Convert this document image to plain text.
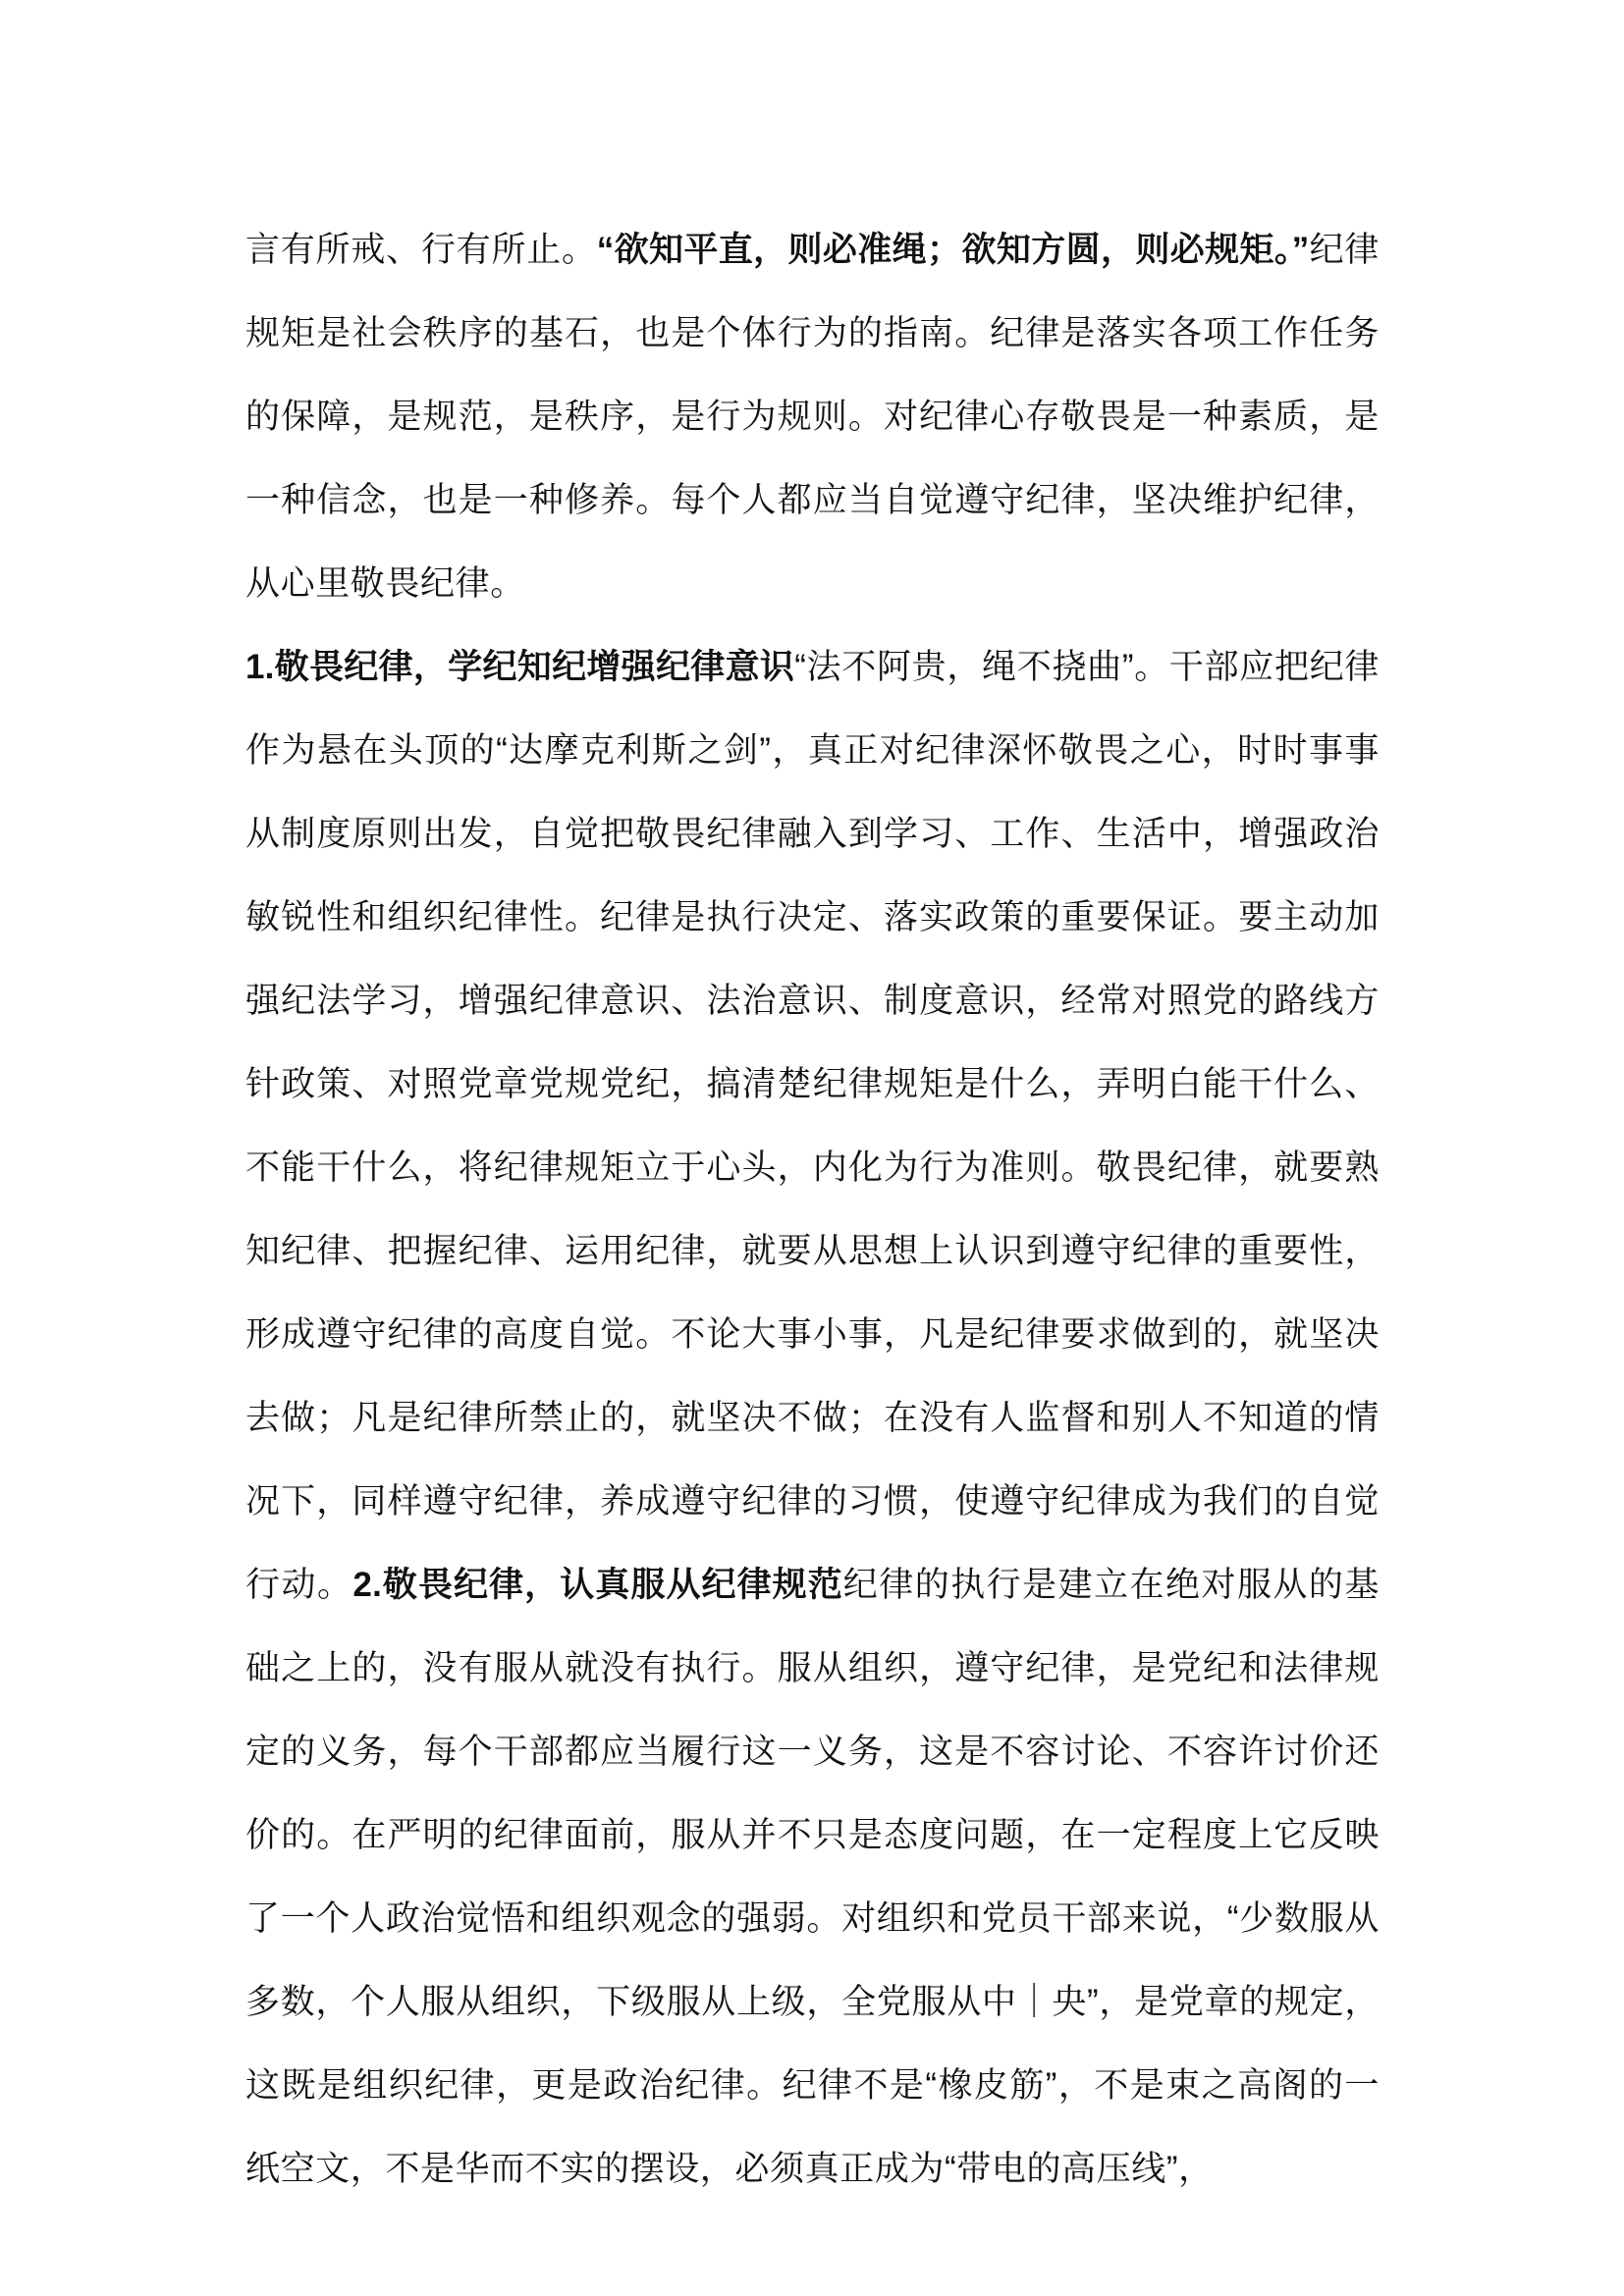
言有所戒、行有所止。“欲知平直，则必准绳；欲知方圆，则必规矩。”纪律规矩是社会秩序的基石，也是个体行为的指南。纪律是落实各项工作任务的保障，是规范，是秩序，是行为规则。对纪律心存敬畏是一种素质，是一种信念，也是一种修养。每个人都应当自觉遵守纪律，坚决维护纪律，从心里敬畏纪律。

1.敬畏纪律，学纪知纪增强纪律意识“法不阿贵，绳不挠曲”。干部应把纪律作为悬在头顶的“达摩克利斯之剑”，真正对纪律深怀敬畏之心，时时事事从制度原则出发，自觉把敬畏纪律融入到学习、工作、生活中，增强政治敏锐性和组织纪律性。纪律是执行决定、落实政策的重要保证。要主动加强纪法学习，增强纪律意识、法治意识、制度意识，经常对照党的路线方针政策、对照党章党规党纪，搞清楚纪律规矩是什么，弄明白能干什么、不能干什么，将纪律规矩立于心头，内化为行为准则。敬畏纪律，就要熟知纪律、把握纪律、运用纪律，就要从思想上认识到遵守纪律的重要性，形成遵守纪律的高度自觉。不论大事小事，凡是纪律要求做到的，就坚决去做；凡是纪律所禁止的，就坚决不做；在没有人监督和别人不知道的情况下，同样遵守纪律，养成遵守纪律的习惯，使遵守纪律成为我们的自觉行动。2.敬畏纪律，认真服从纪律规范纪律的执行是建立在绝对服从的基础之上的，没有服从就没有执行。服从组织，遵守纪律，是党纪和法律规定的义务，每个干部都应当履行这一义务，这是不容讨论、不容许讨价还价的。在严明的纪律面前，服从并不只是态度问题，在一定程度上它反映了一个人政治觉悟和组织观念的强弱。对组织和党员干部来说，“少数服从多数，个人服从组织，下级服从上级，全党服从中｜央”，是党章的规定，这既是组织纪律，更是政治纪律。纪律不是“橡皮筋”，不是束之高阁的一纸空文，不是华而不实的摆设，必须真正成为“带电的高压线”，
